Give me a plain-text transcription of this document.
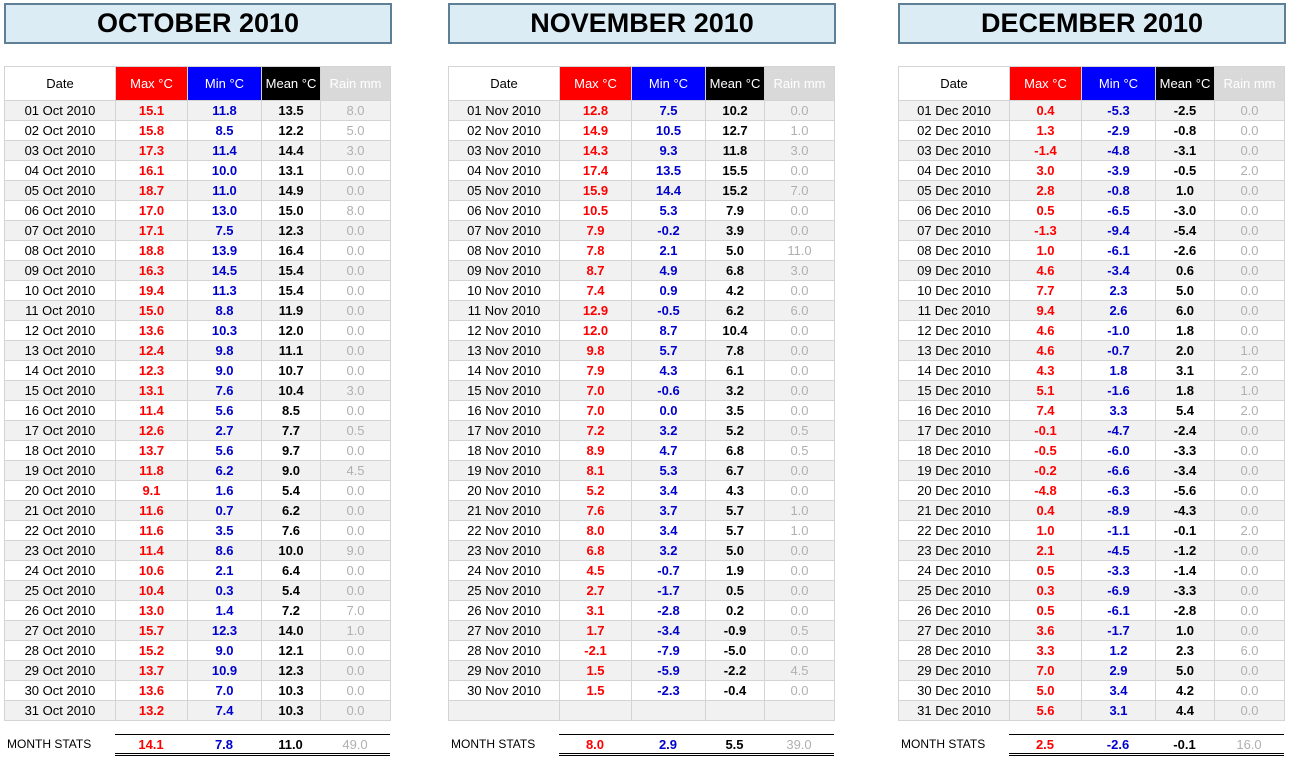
OCTOBER 2010
Date	Max °C	Min °C	Mean °C	Rain mm
01 Oct 2010	15.1	11.8	13.5	8.0
02 Oct 2010	15.8	8.5	12.2	5.0
03 Oct 2010	17.3	11.4	14.4	3.0
04 Oct 2010	16.1	10.0	13.1	0.0
05 Oct 2010	18.7	11.0	14.9	0.0
06 Oct 2010	17.0	13.0	15.0	8.0
07 Oct 2010	17.1	7.5	12.3	0.0
08 Oct 2010	18.8	13.9	16.4	0.0
09 Oct 2010	16.3	14.5	15.4	0.0
10 Oct 2010	19.4	11.3	15.4	0.0
11 Oct 2010	15.0	8.8	11.9	0.0
12 Oct 2010	13.6	10.3	12.0	0.0
13 Oct 2010	12.4	9.8	11.1	0.0
14 Oct 2010	12.3	9.0	10.7	0.0
15 Oct 2010	13.1	7.6	10.4	3.0
16 Oct 2010	11.4	5.6	8.5	0.0
17 Oct 2010	12.6	2.7	7.7	0.5
18 Oct 2010	13.7	5.6	9.7	0.0
19 Oct 2010	11.8	6.2	9.0	4.5
20 Oct 2010	9.1	1.6	5.4	0.0
21 Oct 2010	11.6	0.7	6.2	0.0
22 Oct 2010	11.6	3.5	7.6	0.0
23 Oct 2010	11.4	8.6	10.0	9.0
24 Oct 2010	10.6	2.1	6.4	0.0
25 Oct 2010	10.4	0.3	5.4	0.0
26 Oct 2010	13.0	1.4	7.2	7.0
27 Oct 2010	15.7	12.3	14.0	1.0
28 Oct 2010	15.2	9.0	12.1	0.0
29 Oct 2010	13.7	10.9	12.3	0.0
30 Oct 2010	13.6	7.0	10.3	0.0
31 Oct 2010	13.2	7.4	10.3	0.0
MONTH STATS	14.1	7.8	11.0	49.0
NOVEMBER 2010
Date	Max °C	Min °C	Mean °C	Rain mm
01 Nov 2010	12.8	7.5	10.2	0.0
02 Nov 2010	14.9	10.5	12.7	1.0
03 Nov 2010	14.3	9.3	11.8	3.0
04 Nov 2010	17.4	13.5	15.5	0.0
05 Nov 2010	15.9	14.4	15.2	7.0
06 Nov 2010	10.5	5.3	7.9	0.0
07 Nov 2010	7.9	-0.2	3.9	0.0
08 Nov 2010	7.8	2.1	5.0	11.0
09 Nov 2010	8.7	4.9	6.8	3.0
10 Nov 2010	7.4	0.9	4.2	0.0
11 Nov 2010	12.9	-0.5	6.2	6.0
12 Nov 2010	12.0	8.7	10.4	0.0
13 Nov 2010	9.8	5.7	7.8	0.0
14 Nov 2010	7.9	4.3	6.1	0.0
15 Nov 2010	7.0	-0.6	3.2	0.0
16 Nov 2010	7.0	0.0	3.5	0.0
17 Nov 2010	7.2	3.2	5.2	0.5
18 Nov 2010	8.9	4.7	6.8	0.5
19 Nov 2010	8.1	5.3	6.7	0.0
20 Nov 2010	5.2	3.4	4.3	0.0
21 Nov 2010	7.6	3.7	5.7	1.0
22 Nov 2010	8.0	3.4	5.7	1.0
23 Nov 2010	6.8	3.2	5.0	0.0
24 Nov 2010	4.5	-0.7	1.9	0.0
25 Nov 2010	2.7	-1.7	0.5	0.0
26 Nov 2010	3.1	-2.8	0.2	0.0
27 Nov 2010	1.7	-3.4	-0.9	0.5
28 Nov 2010	-2.1	-7.9	-5.0	0.0
29 Nov 2010	1.5	-5.9	-2.2	4.5
30 Nov 2010	1.5	-2.3	-0.4	0.0

MONTH STATS	8.0	2.9	5.5	39.0
DECEMBER 2010
Date	Max °C	Min °C	Mean °C	Rain mm
01 Dec 2010	0.4	-5.3	-2.5	0.0
02 Dec 2010	1.3	-2.9	-0.8	0.0
03 Dec 2010	-1.4	-4.8	-3.1	0.0
04 Dec 2010	3.0	-3.9	-0.5	2.0
05 Dec 2010	2.8	-0.8	1.0	0.0
06 Dec 2010	0.5	-6.5	-3.0	0.0
07 Dec 2010	-1.3	-9.4	-5.4	0.0
08 Dec 2010	1.0	-6.1	-2.6	0.0
09 Dec 2010	4.6	-3.4	0.6	0.0
10 Dec 2010	7.7	2.3	5.0	0.0
11 Dec 2010	9.4	2.6	6.0	0.0
12 Dec 2010	4.6	-1.0	1.8	0.0
13 Dec 2010	4.6	-0.7	2.0	1.0
14 Dec 2010	4.3	1.8	3.1	2.0
15 Dec 2010	5.1	-1.6	1.8	1.0
16 Dec 2010	7.4	3.3	5.4	2.0
17 Dec 2010	-0.1	-4.7	-2.4	0.0
18 Dec 2010	-0.5	-6.0	-3.3	0.0
19 Dec 2010	-0.2	-6.6	-3.4	0.0
20 Dec 2010	-4.8	-6.3	-5.6	0.0
21 Dec 2010	0.4	-8.9	-4.3	0.0
22 Dec 2010	1.0	-1.1	-0.1	2.0
23 Dec 2010	2.1	-4.5	-1.2	0.0
24 Dec 2010	0.5	-3.3	-1.4	0.0
25 Dec 2010	0.3	-6.9	-3.3	0.0
26 Dec 2010	0.5	-6.1	-2.8	0.0
27 Dec 2010	3.6	-1.7	1.0	0.0
28 Dec 2010	3.3	1.2	2.3	6.0
29 Dec 2010	7.0	2.9	5.0	0.0
30 Dec 2010	5.0	3.4	4.2	0.0
31 Dec 2010	5.6	3.1	4.4	0.0
MONTH STATS	2.5	-2.6	-0.1	16.0
